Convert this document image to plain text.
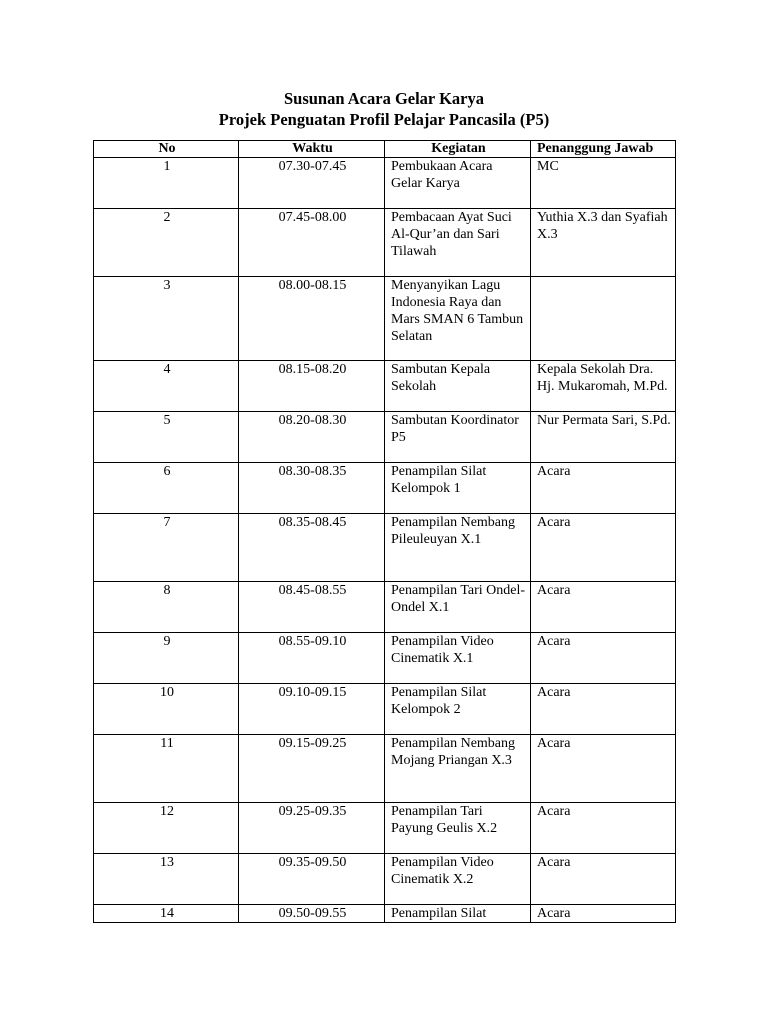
Susunan Acara Gelar Karya
Projek Penguatan Profil Pelajar Pancasila (P5)
No	Waktu	Kegiatan	Penanggung Jawab
1	07.30-07.45	Pembukaan Acara Gelar Karya	MC
2	07.45-08.00	Pembacaan Ayat Suci Al-Qur’an dan Sari Tilawah	Yuthia X.3 dan Syafiah X.3
3	08.00-08.15	Menyanyikan Lagu Indonesia Raya dan Mars SMAN 6 Tambun Selatan	
4	08.15-08.20	Sambutan Kepala Sekolah	Kepala Sekolah Dra. Hj. Mukaromah, M.Pd.
5	08.20-08.30	Sambutan Koordinator P5	Nur Permata Sari, S.Pd.
6	08.30-08.35	Penampilan Silat Kelompok 1	Acara
7	08.35-08.45	Penampilan Nembang Pileuleuyan X.1	Acara
8	08.45-08.55	Penampilan Tari Ondel-Ondel X.1	Acara
9	08.55-09.10	Penampilan Video Cinematik X.1	Acara
10	09.10-09.15	Penampilan Silat Kelompok 2	Acara
11	09.15-09.25	Penampilan Nembang Mojang Priangan X.3	Acara
12	09.25-09.35	Penampilan Tari Payung Geulis X.2	Acara
13	09.35-09.50	Penampilan Video Cinematik X.2	Acara
14	09.50-09.55	Penampilan Silat	Acara
